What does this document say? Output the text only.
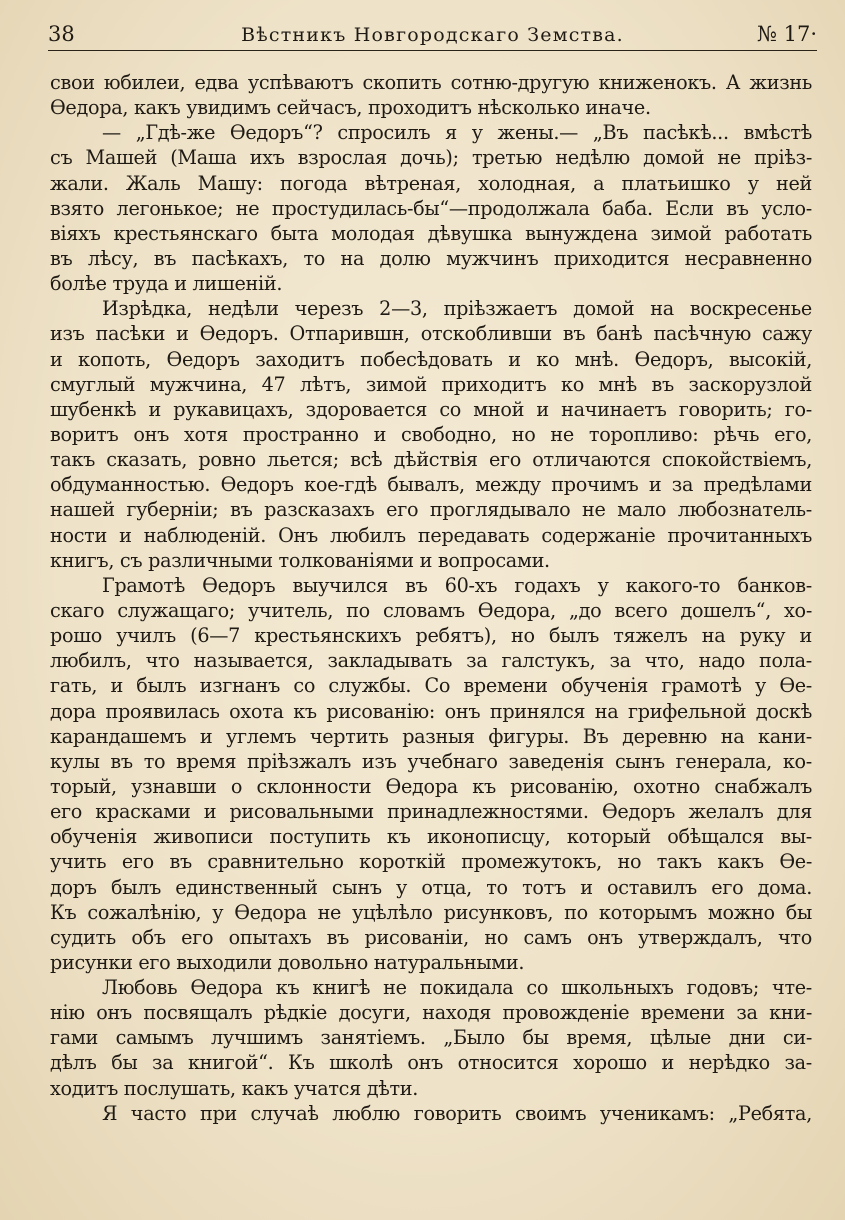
38	Вѣстникъ Новгородскаго Земства.	№ 17·
свои юбилеи, едва успѣваютъ скопить сотню-другую книженокъ. А жизнь
Өедора, какъ увидимъ сейчасъ, проходитъ нѣсколько иначе.
— „Гдѣ-же Өедоръ“? спросилъ я у жены.— „Въ пасѣкѣ... вмѣстѣ
съ Машей (Маша ихъ взрослая дочь); третью недѣлю домой не пріѣз-
жали. Жаль Машу: погода вѣтреная, холодная, а платьишко у ней
взято легонькое; не простудилась-бы“—продолжала баба. Если въ усло-
віяхъ крестьянскаго быта молодая дѣвушка вынуждена зимой работать
въ лѣсу, въ пасѣкахъ, то на долю мужчинъ приходится несравненно
болѣе труда и лишеній.
Изрѣдка, недѣли черезъ 2—3, пріѣзжаетъ домой на воскресенье
изъ пасѣки и Өедоръ. Отпарившн, отскобливши въ банѣ пасѣчную сажу
и копоть, Өедоръ заходитъ побесѣдовать и ко мнѣ. Өедоръ, высокій,
смуглый мужчина, 47 лѣтъ, зимой приходитъ ко мнѣ въ заскорузлой
шубенкѣ и рукавицахъ, здоровается со мной и начинаетъ говорить; го-
воритъ онъ хотя пространно и свободно, но не торопливо: рѣчь его,
такъ сказать, ровно льется; всѣ дѣйствія его отличаются спокойствіемъ,
обдуманностью. Өедоръ кое-гдѣ бывалъ, между прочимъ и за предѣлами
нашей губерніи; въ разсказахъ его проглядывало не мало любознатель-
ности и наблюденій. Онъ любилъ передавать содержаніе прочитанныхъ
книгъ, съ различными толкованіями и вопросами.
Грамотѣ Өедоръ выучился въ 60-хъ годахъ у какого-то банков-
скаго служащаго; учитель, по словамъ Өедора, „до всего дошелъ“, хо-
рошо училъ (6—7 крестьянскихъ ребятъ), но былъ тяжелъ на руку и
любилъ, что называется, закладывать за галстукъ, за что, надо пола-
гать, и былъ изгнанъ со службы. Со времени обученія грамотѣ у Өе-
дора проявилась охота къ рисованію: онъ принялся на грифельной доскѣ
карандашемъ и углемъ чертить разныя фигуры. Въ деревню на кани-
кулы въ то время пріѣзжалъ изъ учебнаго заведенія сынъ генерала, ко-
торый, узнавши о склонности Өедора къ рисованію, охотно снабжалъ
его красками и рисовальными принадлежностями. Өедоръ желалъ для
обученія живописи поступить къ иконописцу, который обѣщался вы-
учить его въ сравнительно короткій промежутокъ, но такъ какъ Өе-
доръ былъ единственный сынъ у отца, то тотъ и оставилъ его дома.
Къ сожалѣнію, у Өедора не уцѣлѣло рисунковъ, по которымъ можно бы
судить объ его опытахъ въ рисованіи, но самъ онъ утверждалъ, что
рисунки его выходили довольно натуральными.
Любовь Өедора къ книгѣ не покидала со школьныхъ годовъ; чте-
нію онъ посвящалъ рѣдкіе досуги, находя провожденіе времени за кни-
гами самымъ лучшимъ занятіемъ. „Было бы время, цѣлые дни си-
дѣлъ бы за книгой“. Къ школѣ онъ относится хорошо и нерѣдко за-
ходитъ послушать, какъ учатся дѣти.
Я часто при случаѣ люблю говорить своимъ ученикамъ: „Ребята,
